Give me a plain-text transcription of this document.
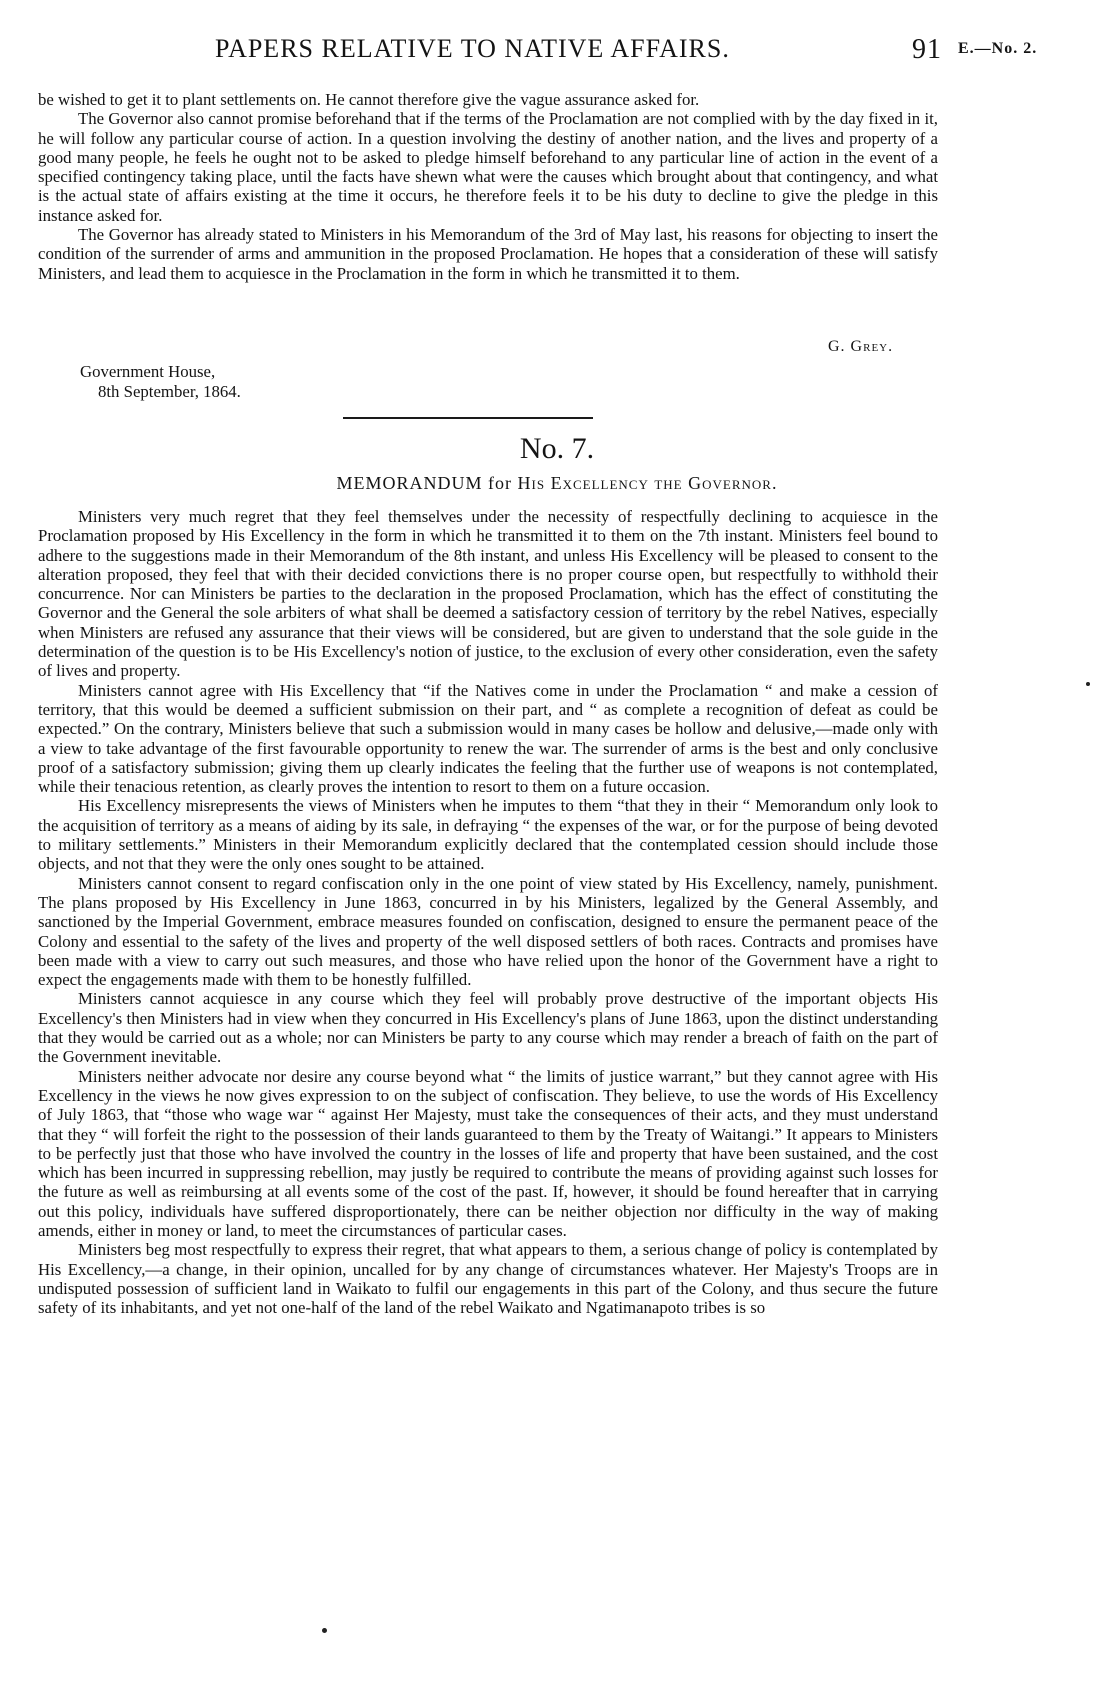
PAPERS RELATIVE TO NATIVE AFFAIRS.	91 E.—No. 2.

be wished to get it to plant settlements on. He cannot therefore give the vague assurance asked for.

The Governor also cannot promise beforehand that if the terms of the Proclamation are not complied with by the day fixed in it, he will follow any particular course of action. In a question involving the destiny of another nation, and the lives and property of a good many people, he feels he ought not to be asked to pledge himself beforehand to any particular line of action in the event of a specified contingency taking place, until the facts have shewn what were the causes which brought about that contingency, and what is the actual state of affairs existing at the time it occurs, he therefore feels it to be his duty to decline to give the pledge in this instance asked for.

The Governor has already stated to Ministers in his Memorandum of the 3rd of May last, his reasons for objecting to insert the condition of the surrender of arms and ammunition in the proposed Proclamation. He hopes that a consideration of these will satisfy Ministers, and lead them to acquiesce in the Proclamation in the form in which he transmitted it to them.

G. Grey.
Government House,
8th September, 1864.
No. 7.
MEMORANDUM for His Excellency the Governor.

Ministers very much regret that they feel themselves under the necessity of respectfully declining to acquiesce in the Proclamation proposed by His Excellency in the form in which he transmitted it to them on the 7th instant. Ministers feel bound to adhere to the suggestions made in their Memorandum of the 8th instant, and unless His Excellency will be pleased to consent to the alteration proposed, they feel that with their decided convictions there is no proper course open, but respectfully to withhold their concurrence. Nor can Ministers be parties to the declaration in the proposed Proclamation, which has the effect of constituting the Governor and the General the sole arbiters of what shall be deemed a satisfactory cession of territory by the rebel Natives, especially when Ministers are refused any assurance that their views will be considered, but are given to understand that the sole guide in the determination of the question is to be His Excellency's notion of justice, to the exclusion of every other consideration, even the safety of lives and property.

Ministers cannot agree with His Excellency that “if the Natives come in under the Proclamation “ and make a cession of territory, that this would be deemed a sufficient submission on their part, and “ as complete a recognition of defeat as could be expected.” On the contrary, Ministers believe that such a submission would in many cases be hollow and delusive,—made only with a view to take advantage of the first favourable opportunity to renew the war. The surrender of arms is the best and only conclusive proof of a satisfactory submission; giving them up clearly indicates the feeling that the further use of weapons is not contemplated, while their tenacious retention, as clearly proves the intention to resort to them on a future occasion.

His Excellency misrepresents the views of Ministers when he imputes to them “that they in their “ Memorandum only look to the acquisition of territory as a means of aiding by its sale, in defraying “ the expenses of the war, or for the purpose of being devoted to military settlements.” Ministers in their Memorandum explicitly declared that the contemplated cession should include those objects, and not that they were the only ones sought to be attained.

Ministers cannot consent to regard confiscation only in the one point of view stated by His Excellency, namely, punishment. The plans proposed by His Excellency in June 1863, concurred in by his Ministers, legalized by the General Assembly, and sanctioned by the Imperial Government, embrace measures founded on confiscation, designed to ensure the permanent peace of the Colony and essential to the safety of the lives and property of the well disposed settlers of both races. Contracts and promises have been made with a view to carry out such measures, and those who have relied upon the honor of the Government have a right to expect the engagements made with them to be honestly fulfilled.

Ministers cannot acquiesce in any course which they feel will probably prove destructive of the important objects His Excellency's then Ministers had in view when they concurred in His Excellency's plans of June 1863, upon the distinct understanding that they would be carried out as a whole; nor can Ministers be party to any course which may render a breach of faith on the part of the Government inevitable.

Ministers neither advocate nor desire any course beyond what “ the limits of justice warrant,” but they cannot agree with His Excellency in the views he now gives expression to on the subject of confiscation. They believe, to use the words of His Excellency of July 1863, that “those who wage war “ against Her Majesty, must take the consequences of their acts, and they must understand that they “ will forfeit the right to the possession of their lands guaranteed to them by the Treaty of Waitangi.” It appears to Ministers to be perfectly just that those who have involved the country in the losses of life and property that have been sustained, and the cost which has been incurred in suppressing rebellion, may justly be required to contribute the means of providing against such losses for the future as well as reimbursing at all events some of the cost of the past. If, however, it should be found hereafter that in carrying out this policy, individuals have suffered disproportionately, there can be neither objection nor difficulty in the way of making amends, either in money or land, to meet the circumstances of particular cases.

Ministers beg most respectfully to express their regret, that what appears to them, a serious change of policy is contemplated by His Excellency,—a change, in their opinion, uncalled for by any change of circumstances whatever. Her Majesty's Troops are in undisputed possession of sufficient land in Waikato to fulfil our engagements in this part of the Colony, and thus secure the future safety of its inhabitants, and yet not one-half of the land of the rebel Waikato and Ngatimanapoto tribes is so
